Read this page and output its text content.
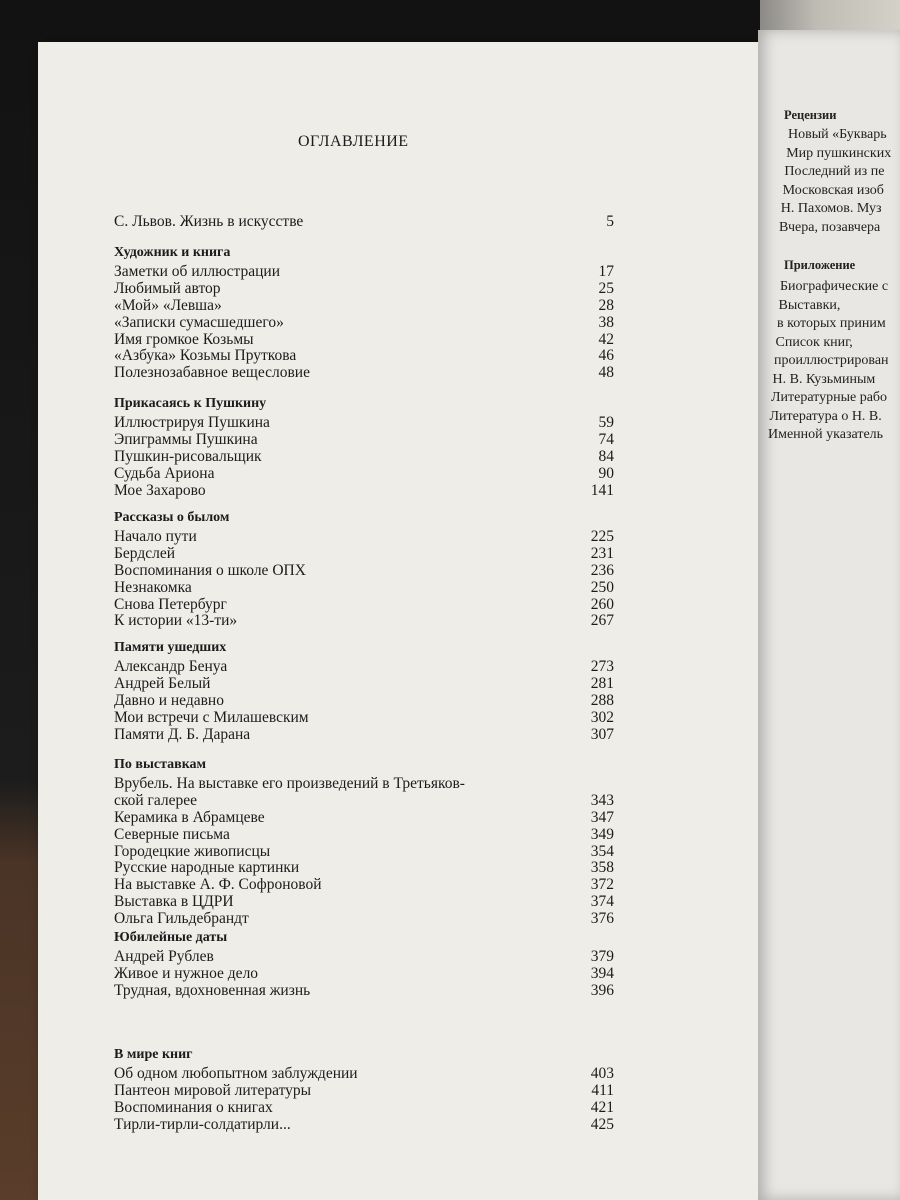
Рецензии
Новый «Букварь
Мир пушкинских
Последний из пе
Московская изоб
Н. Пахомов. Муз
Вчера, позавчера
Приложение
Биографические с
Выставки,
в которых приним
Список книг,
проиллюстрирован
Н. В. Кузьминым
Литературные рабо
Литература о Н. В.
Именной указатель
ОГЛАВЛЕНИЕ
С. Львов. Жизнь в искусстве	5
Художник и книга
Заметки об иллюстрации	17
Любимый автор	25
«Мой» «Левша»	28
«Записки сумасшедшего»	38
Имя громкое Козьмы	42
«Азбука» Козьмы Пруткова	46
Полезнозабавное вещесловие	48
Прикасаясь к Пушкину
Иллюстрируя Пушкина	59
Эпиграммы Пушкина	74
Пушкин-рисовальщик	84
Судьба Ариона	90
Мое Захарово	141
Рассказы о былом
Начало пути	225
Бердслей	231
Воспоминания о школе ОПХ	236
Незнакомка	250
Снова Петербург	260
К истории «13-ти»	267
Памяти ушедших
Александр Бенуа	273
Андрей Белый	281
Давно и недавно	288
Мои встречи с Милашевским	302
Памяти Д. Б. Дарана	307
По выставкам
Врубель. На выставке его произведений в Третьяков-
ской галерее	343
Керамика в Абрамцеве	347
Северные письма	349
Городецкие живописцы	354
Русские народные картинки	358
На выставке А. Ф. Софроновой	372
Выставка в ЦДРИ	374
Ольга Гильдебрандт	376
Юбилейные даты
Андрей Рублев	379
Живое и нужное дело	394
Трудная, вдохновенная жизнь	396
В мире книг
Об одном любопытном заблуждении	403
Пантеон мировой литературы	411
Воспоминания о книгах	421
Тирли-тирли-солдатирли...	425
